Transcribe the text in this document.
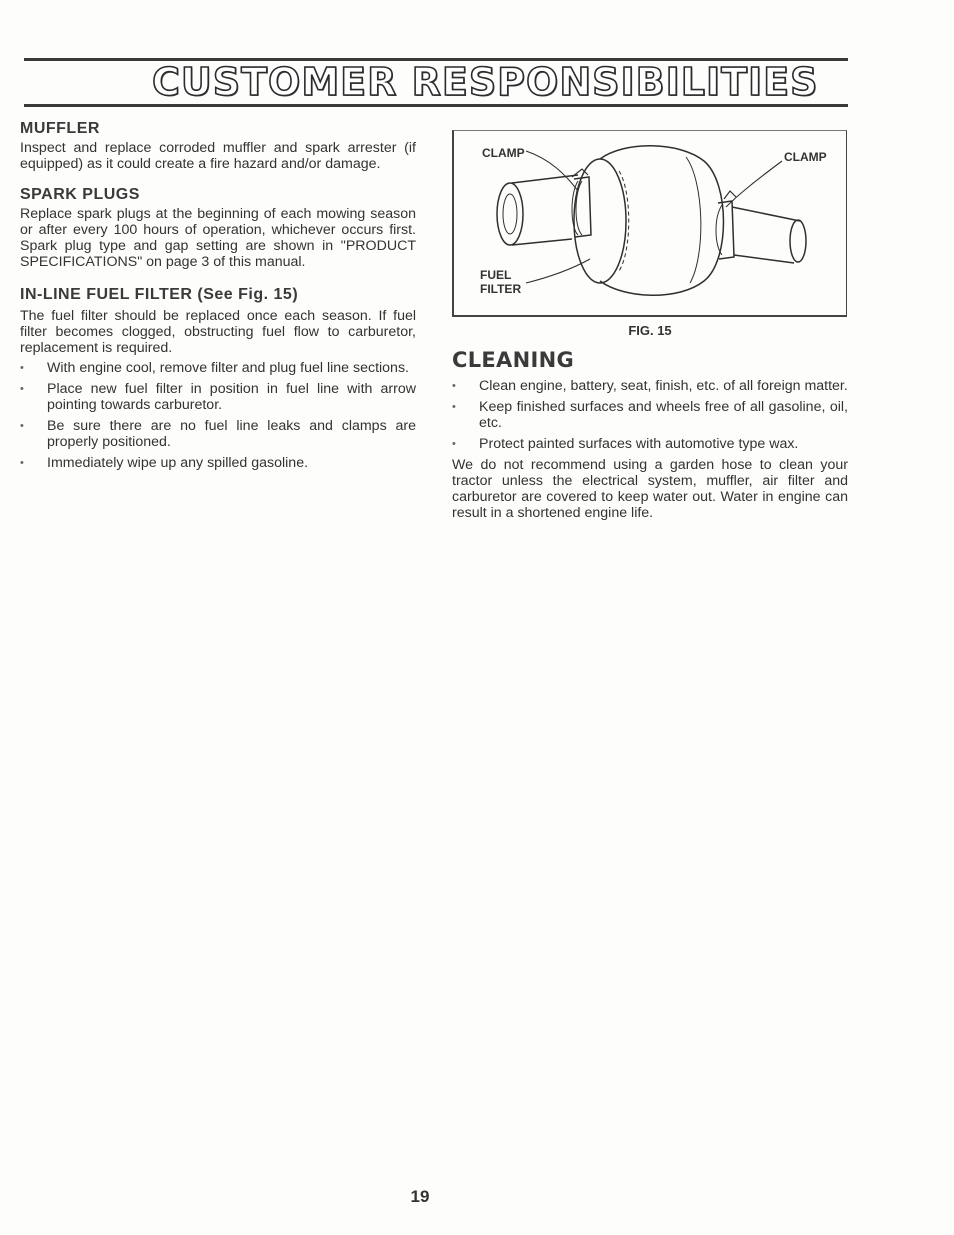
CUSTOMER RESPONSIBILITIES
MUFFLER

Inspect and replace corroded muffler and spark arrester (if equipped) as it could create a fire hazard and/or damage.

SPARK PLUGS

Replace spark plugs at the beginning of each mowing season or after every 100 hours of operation, whichever occurs first. Spark plug type and gap setting are shown in "PRODUCT SPECIFICATIONS" on page 3 of this manual.

IN-LINE FUEL FILTER (See Fig. 15)

The fuel filter should be replaced once each season. If fuel filter becomes clogged, obstructing fuel flow to carburetor, replacement is required.

• With engine cool, remove filter and plug fuel line sections.
• Place new fuel filter in position in fuel line with arrow pointing towards carburetor.
• Be sure there are no fuel line leaks and clamps are properly positioned.
• Immediately wipe up any spilled gasoline.
CLAMP	CLAMP
FUEL
FILTER
FIG. 15
CLEANING
• Clean engine, battery, seat, finish, etc. of all foreign matter.
• Keep finished surfaces and wheels free of all gasoline, oil, etc.
• Protect painted surfaces with automotive type wax.

We do not recommend using a garden hose to clean your tractor unless the electrical system, muffler, air filter and carburetor are covered to keep water out. Water in engine can result in a shortened engine life.

19
